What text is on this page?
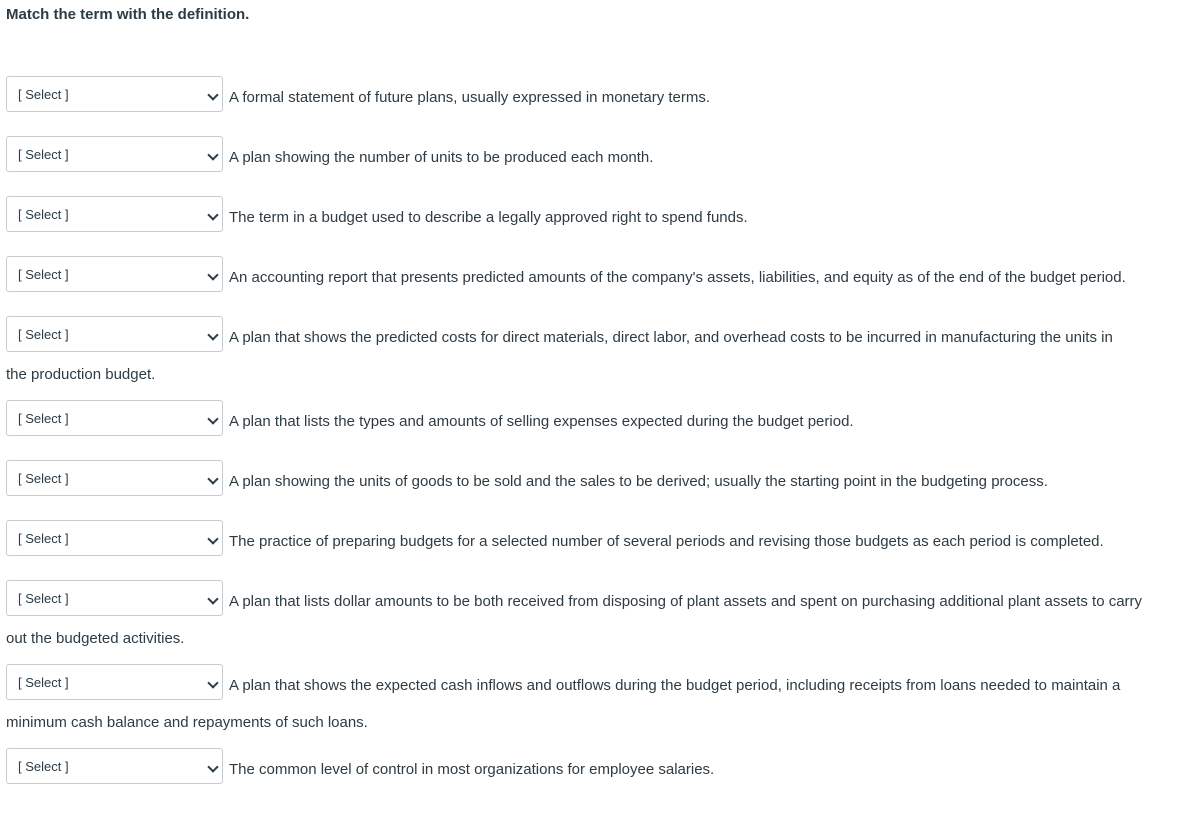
Match the term with the definition.
[ Select ]	A formal statement of future plans, usually expressed in monetary terms.
[ Select ]	A plan showing the number of units to be produced each month.
[ Select ]	The term in a budget used to describe a legally approved right to spend funds.
[ Select ]	An accounting report that presents predicted amounts of the company's assets, liabilities, and equity as of the end of the budget period.
[ Select ]	A plan that shows the predicted costs for direct materials, direct labor, and overhead costs to be incurred in manufacturing the units in
the production budget.
[ Select ]	A plan that lists the types and amounts of selling expenses expected during the budget period.
[ Select ]	A plan showing the units of goods to be sold and the sales to be derived; usually the starting point in the budgeting process.
[ Select ]	The practice of preparing budgets for a selected number of several periods and revising those budgets as each period is completed.
[ Select ]	A plan that lists dollar amounts to be both received from disposing of plant assets and spent on purchasing additional plant assets to carry
out the budgeted activities.
[ Select ]	A plan that shows the expected cash inflows and outflows during the budget period, including receipts from loans needed to maintain a
minimum cash balance and repayments of such loans.
[ Select ]	The common level of control in most organizations for employee salaries.
